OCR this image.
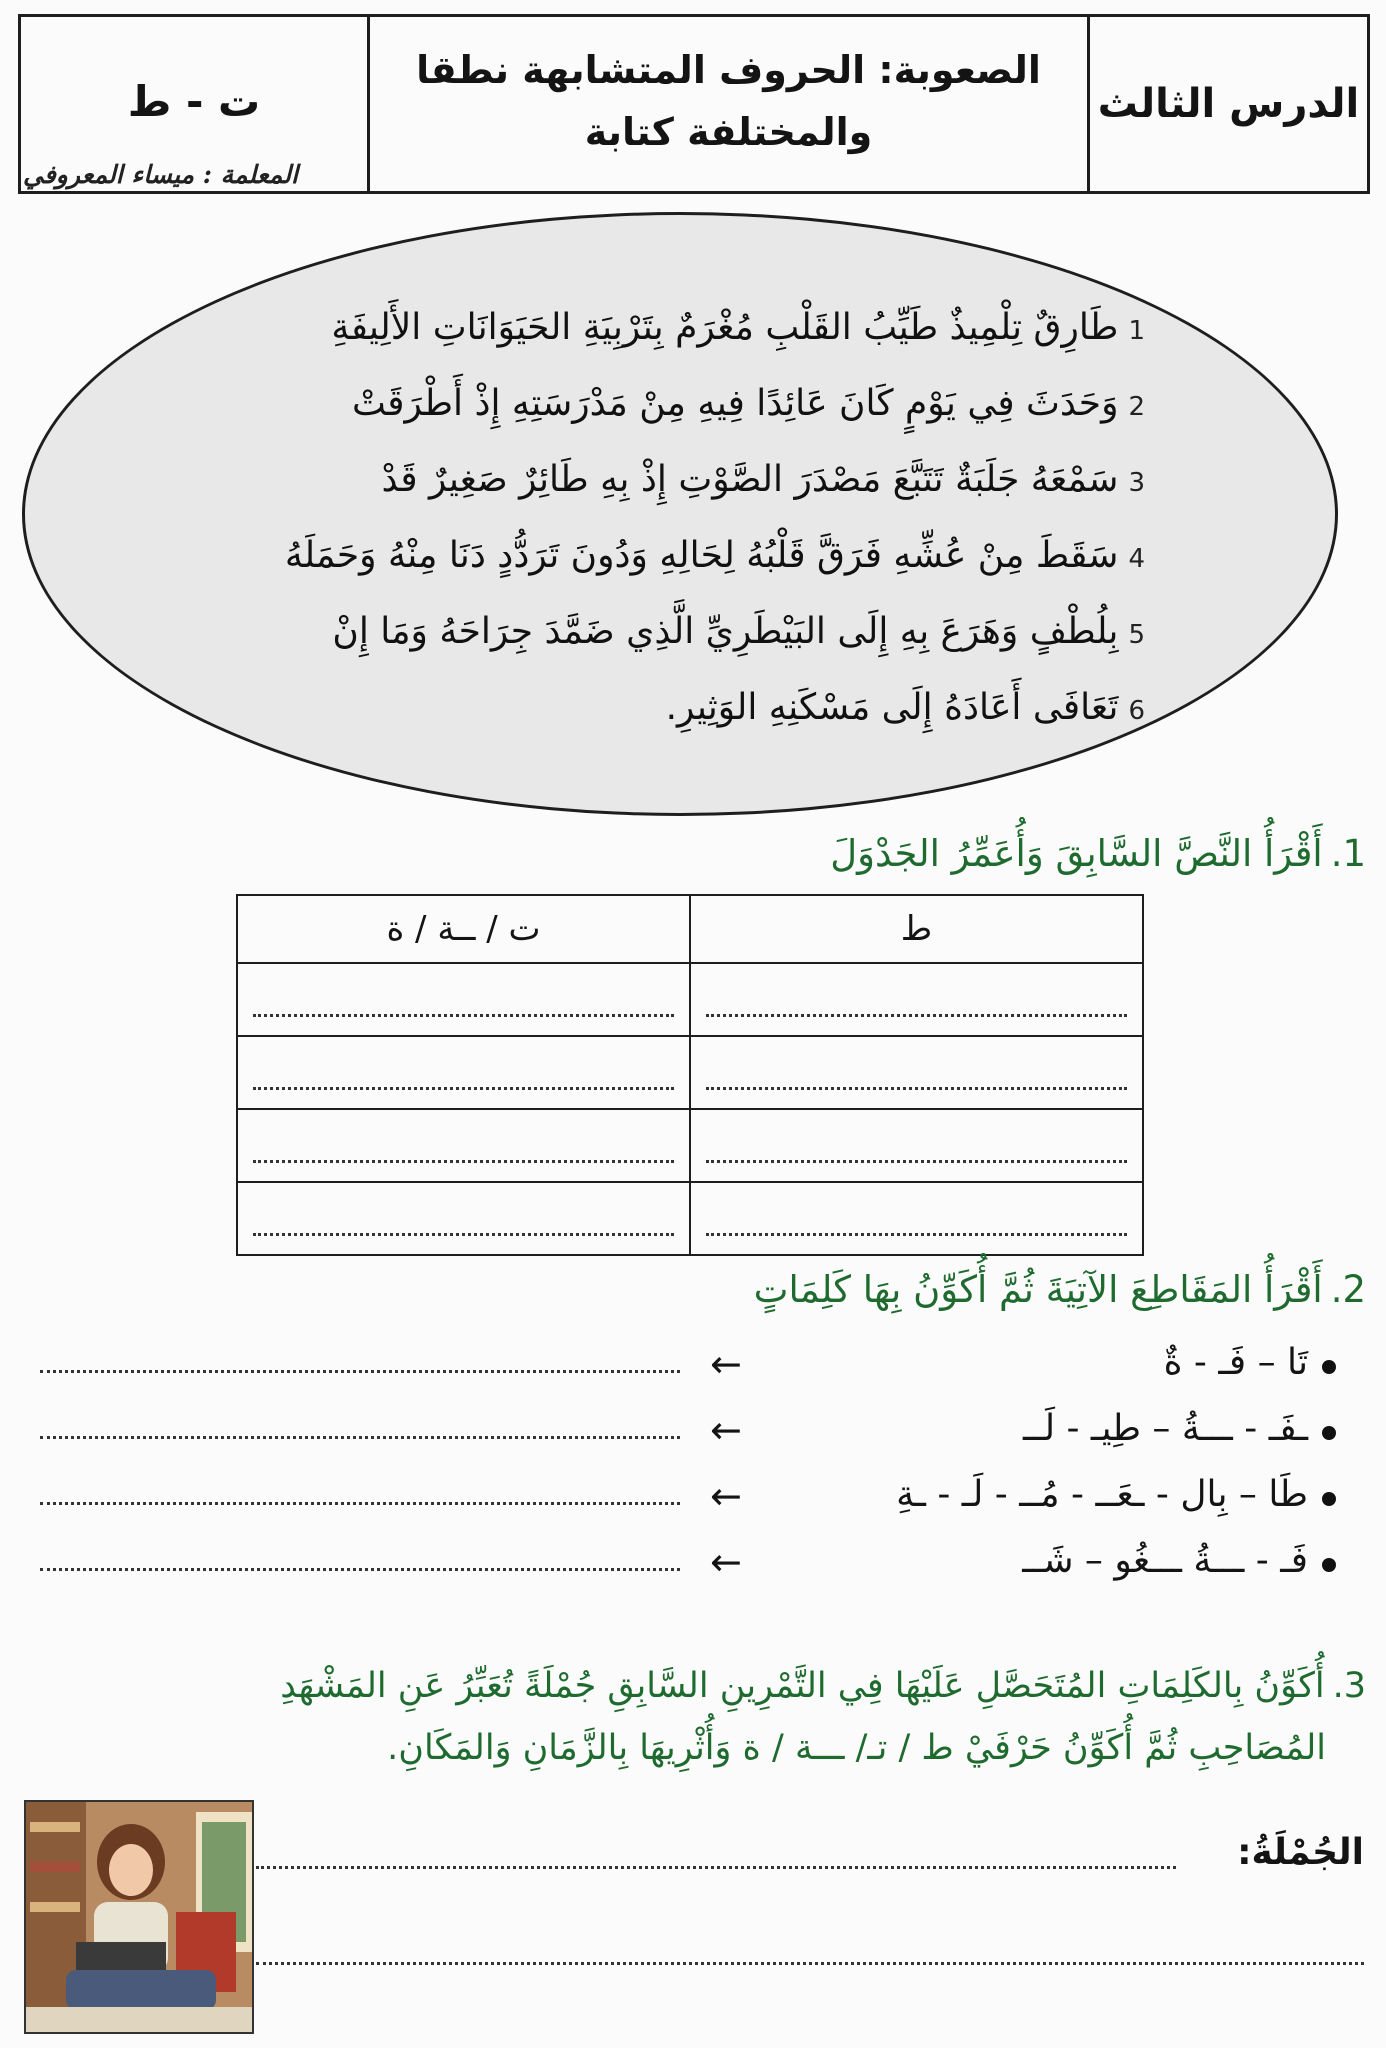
الدرس الثالث
الصعوبة: الحروف المتشابهة نطقا
والمختلفة كتابة
ت - ط
المعلمة : ميساء المعروفي
1طَارِقٌ تِلْمِيذٌ طَيِّبُ القَلْبِ مُغْرَمٌ بِتَرْبِيَةِ الحَيَوَانَاتِ الأَلِيفَةِ
2وَحَدَثَ فِي يَوْمٍ كَانَ عَائِدًا فِيهِ مِنْ مَدْرَسَتِهِ إِذْ أَطْرَقَتْ
3سَمْعَهُ جَلَبَةٌ تَتَبَّعَ مَصْدَرَ الصَّوْتِ إِذْ بِهِ طَائِرٌ صَغِيرٌ قَدْ
4سَقَطَ مِنْ عُشِّهِ فَرَقَّ قَلْبُهُ لِحَالِهِ وَدُونَ تَرَدُّدٍ دَنَا مِنْهُ وَحَمَلَهُ
5بِلُطْفٍ وَهَرَعَ بِهِ إِلَى البَيْطَرِيِّ الَّذِي ضَمَّدَ جِرَاحَهُ وَمَا إِنْ
6تَعَافَى أَعَادَهُ إِلَى مَسْكَنِهِ الوَثِيرِ.
1.أَقْرَأُ النَّصَّ السَّابِقَ وَأُعَمِّرُ الجَدْوَلَ
ط	ت / ــة / ة

2.أَقْرَأُ المَقَاطِعَ الآتِيَةَ ثُمَّ أُكَوِّنُ بِهَا كَلِمَاتٍ
تَا – فَـ - ةٌ
←
ـفَـ - ـــةُ – طِيـ - لَــ
←
طَا – بِال - ـعَــ - مُــ - لَـ - ـةِ
←
فَـ - ـــةُ ـــغُو – شَــ
←
3.أُكَوِّنُ بِالكَلِمَاتِ المُتَحَصَّلِ عَلَيْهَا فِي التَّمْرِينِ السَّابِقِ جُمْلَةً تُعَبِّرُ عَنِ المَشْهَدِ
المُصَاحِبِ ثُمَّ أُكَوِّنُ حَرْفَيْ ط / تـ/ ـــة / ة وَأُثْرِيهَا بِالزَّمَانِ وَالمَكَانِ.
الجُمْلَةُ:
